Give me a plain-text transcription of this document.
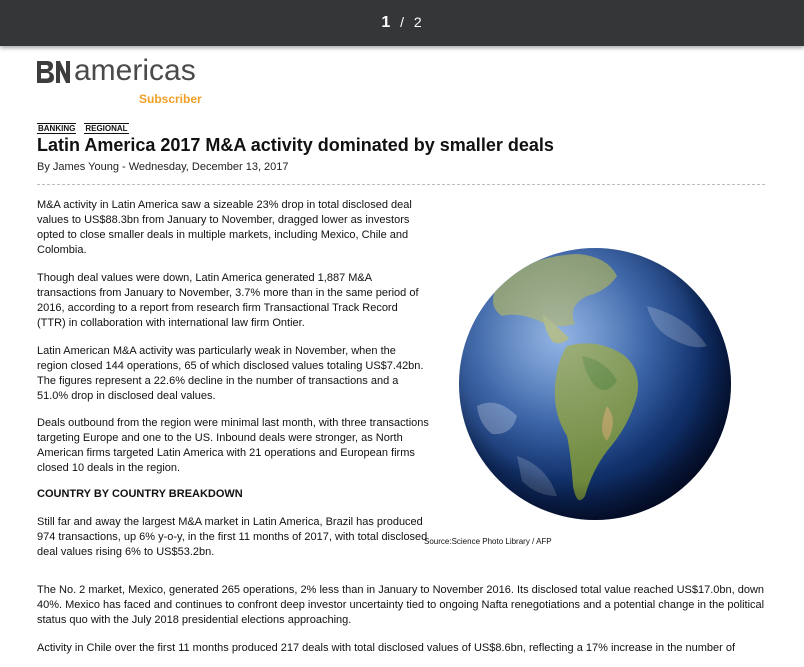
1 / 2
americas
Subscriber
BANKING REGIONAL
Latin America 2017 M&A activity dominated by smaller deals
By James Young - Wednesday, December 13, 2017

M&A activity in Latin America saw a sizeable 23% drop in total disclosed deal values to US$88.3bn from January to November, dragged lower as investors opted to close smaller deals in multiple markets, including Mexico, Chile and Colombia.

Though deal values were down, Latin America generated 1,887 M&A transactions from January to November, 3.7% more than in the same period of 2016, according to a report from research firm Transactional Track Record (TTR) in collaboration with international law firm Ontier.

Latin American M&A activity was particularly weak in November, when the region closed 144 operations, 65 of which disclosed values totaling US$7.42bn. The figures represent a 22.6% decline in the number of transactions and a 51.0% drop in disclosed deal values.

Deals outbound from the region were minimal last month, with three transactions targeting Europe and one to the US. Inbound deals were stronger, as North American firms targeted Latin America with 21 operations and European firms closed 10 deals in the region.

COUNTRY BY COUNTRY BREAKDOWN

Still far and away the largest M&A market in Latin America, Brazil has produced 974 transactions, up 6% y-o-y, in the first 11 months of 2017, with total disclosed deal values rising 6% to US$53.2bn.

Source:Science Photo Library / AFP

The No. 2 market, Mexico, generated 265 operations, 2% less than in January to November 2016. Its disclosed total value reached US$17.0bn, down 40%. Mexico has faced and continues to confront deep investor uncertainty tied to ongoing Nafta renegotiations and a potential change in the political status quo with the July 2018 presidential elections approaching.

Activity in Chile over the first 11 months produced 217 deals with total disclosed values of US$8.6bn, reflecting a 17% increase in the number of
